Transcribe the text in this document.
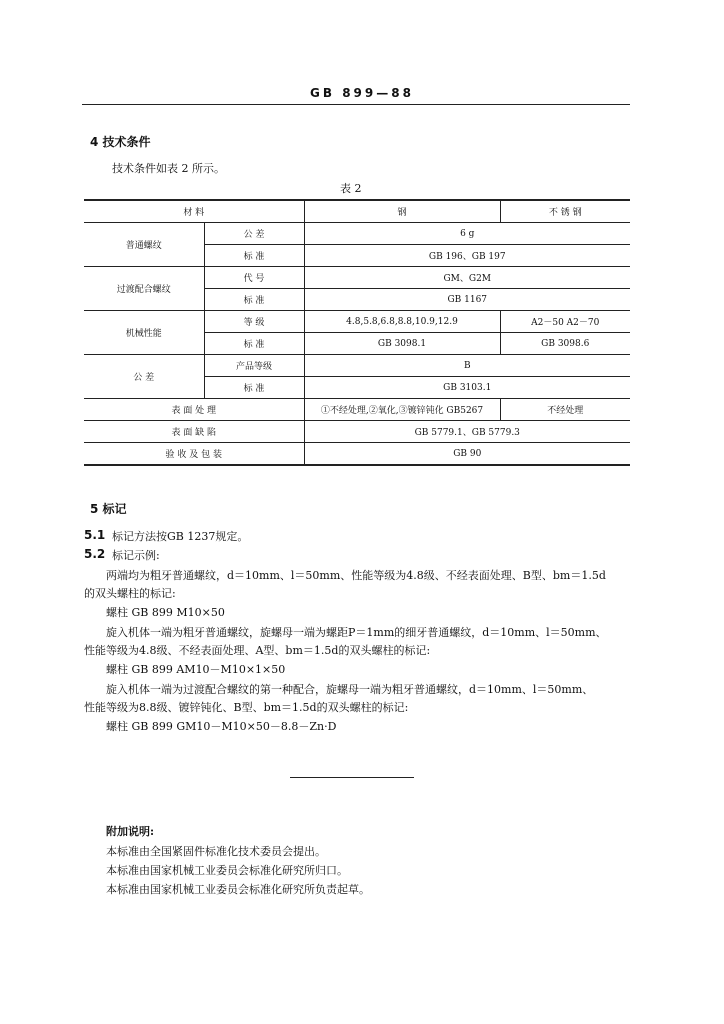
GB 899—88
4 技术条件
技术条件如表 2 所示。
表 2
材 料		钢	不 锈 钢
普通螺纹	公 差	6 g	
	标 准	GB 196、GB 197	
过渡配合螺纹	代 号	GM、G2M	
	标 准	GB 1167	
机械性能	等 级	4.8,5.8,6.8,8.8,10.9,12.9	A2－50 A2－70
	标 准	GB 3098.1	GB 3098.6
公 差	产品等级	B	
	标 准	GB 3103.1	
表 面 处 理		①不经处理,②氧化,③镀锌钝化 GB5267	不经处理
表 面 缺 陷		GB 5779.1、GB 5779.3	
验 收 及 包 装		GB 90	
5 标记
5.1 标记方法按GB 1237规定。
5.2 标记示例:
两端均为粗牙普通螺纹，d＝10mm、l＝50mm、性能等级为4.8级、不经表面处理、B型、bm＝1.5d
的双头螺柱的标记:
螺柱 GB 899 M10×50
旋入机体一端为粗牙普通螺纹，旋螺母一端为螺距P＝1mm的细牙普通螺纹，d＝10mm、l＝50mm、
性能等级为4.8级、不经表面处理、A型、bm＝1.5d的双头螺柱的标记:
螺柱 GB 899 AM10－M10×1×50
旋入机体一端为过渡配合螺纹的第一种配合，旋螺母一端为粗牙普通螺纹，d＝10mm、l＝50mm、
性能等级为8.8级、镀锌钝化、B型、bm＝1.5d的双头螺柱的标记:
螺柱 GB 899 GM10－M10×50－8.8－Zn·D
附加说明:
本标准由全国紧固件标准化技术委员会提出。
本标准由国家机械工业委员会标准化研究所归口。
本标准由国家机械工业委员会标准化研究所负责起草。
